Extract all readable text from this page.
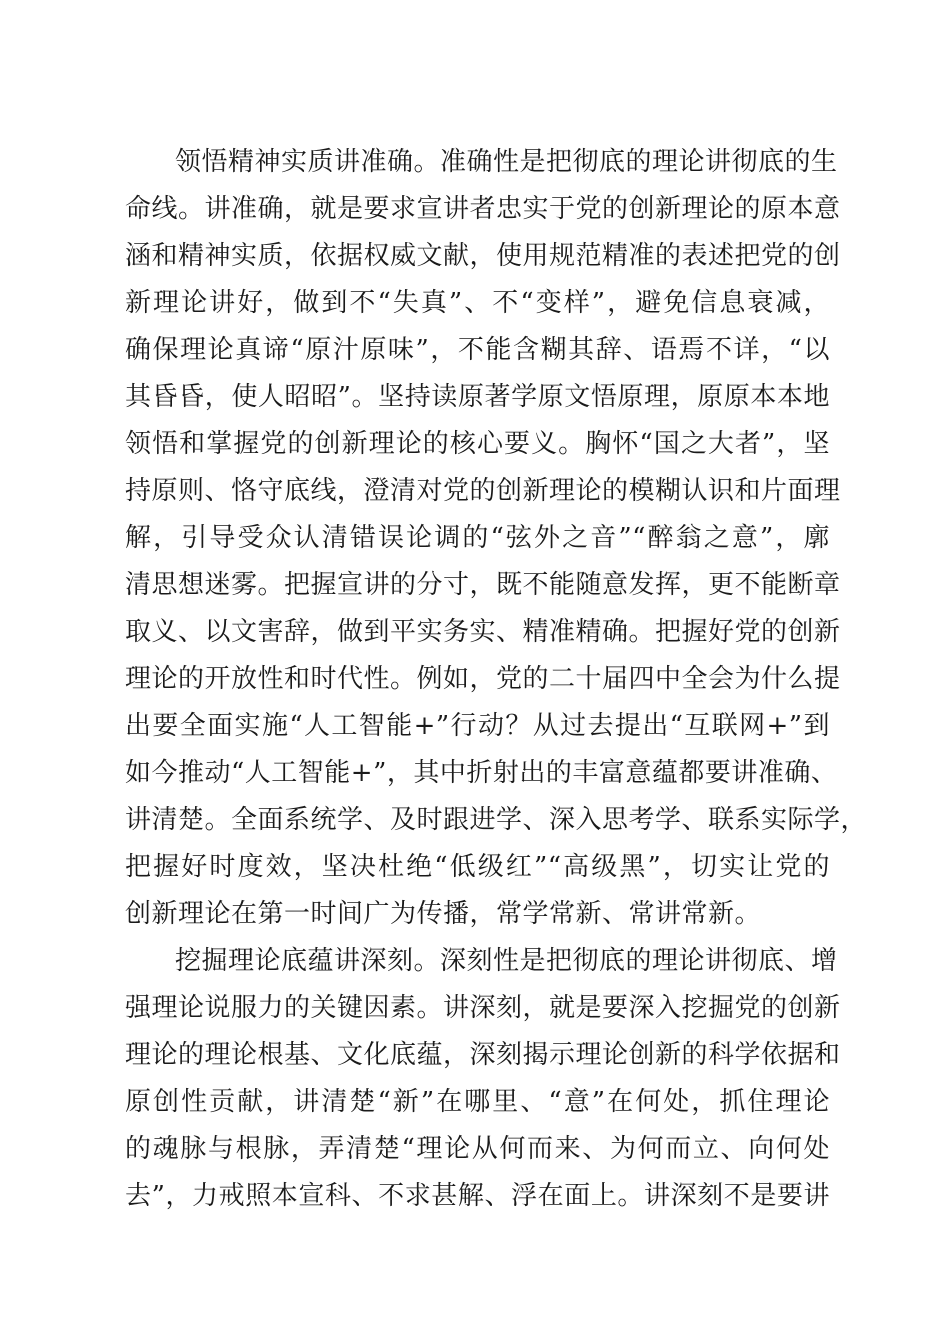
领悟精神实质讲准确。准确性是把彻底的理论讲彻底的生
命线。讲准确，就是要求宣讲者忠实于党的创新理论的原本意
涵和精神实质，依据权威文献，使用规范精准的表述把党的创
新理论讲好，做到不“失真”、不“变样”，避免信息衰减，
确保理论真谛“原汁原味”，不能含糊其辞、语焉不详，“以
其昏昏，使人昭昭”。坚持读原著学原文悟原理，原原本本地
领悟和掌握党的创新理论的核心要义。胸怀“国之大者”，坚
持原则、恪守底线，澄清对党的创新理论的模糊认识和片面理
解，引导受众认清错误论调的“弦外之音”“醉翁之意”，廓
清思想迷雾。把握宣讲的分寸，既不能随意发挥，更不能断章
取义、以文害辞，做到平实务实、精准精确。把握好党的创新
理论的开放性和时代性。例如，党的二十届四中全会为什么提
出要全面实施“人工智能+”行动？从过去提出“互联网+”到
如今推动“人工智能+”，其中折射出的丰富意蕴都要讲准确、
讲清楚。全面系统学、及时跟进学、深入思考学、联系实际学，
把握好时度效，坚决杜绝“低级红”“高级黑”，切实让党的
创新理论在第一时间广为传播，常学常新、常讲常新。
挖掘理论底蕴讲深刻。深刻性是把彻底的理论讲彻底、增
强理论说服力的关键因素。讲深刻，就是要深入挖掘党的创新
理论的理论根基、文化底蕴，深刻揭示理论创新的科学依据和
原创性贡献，讲清楚“新”在哪里、“意”在何处，抓住理论
的魂脉与根脉，弄清楚“理论从何而来、为何而立、向何处
去”，力戒照本宣科、不求甚解、浮在面上。讲深刻不是要讲
